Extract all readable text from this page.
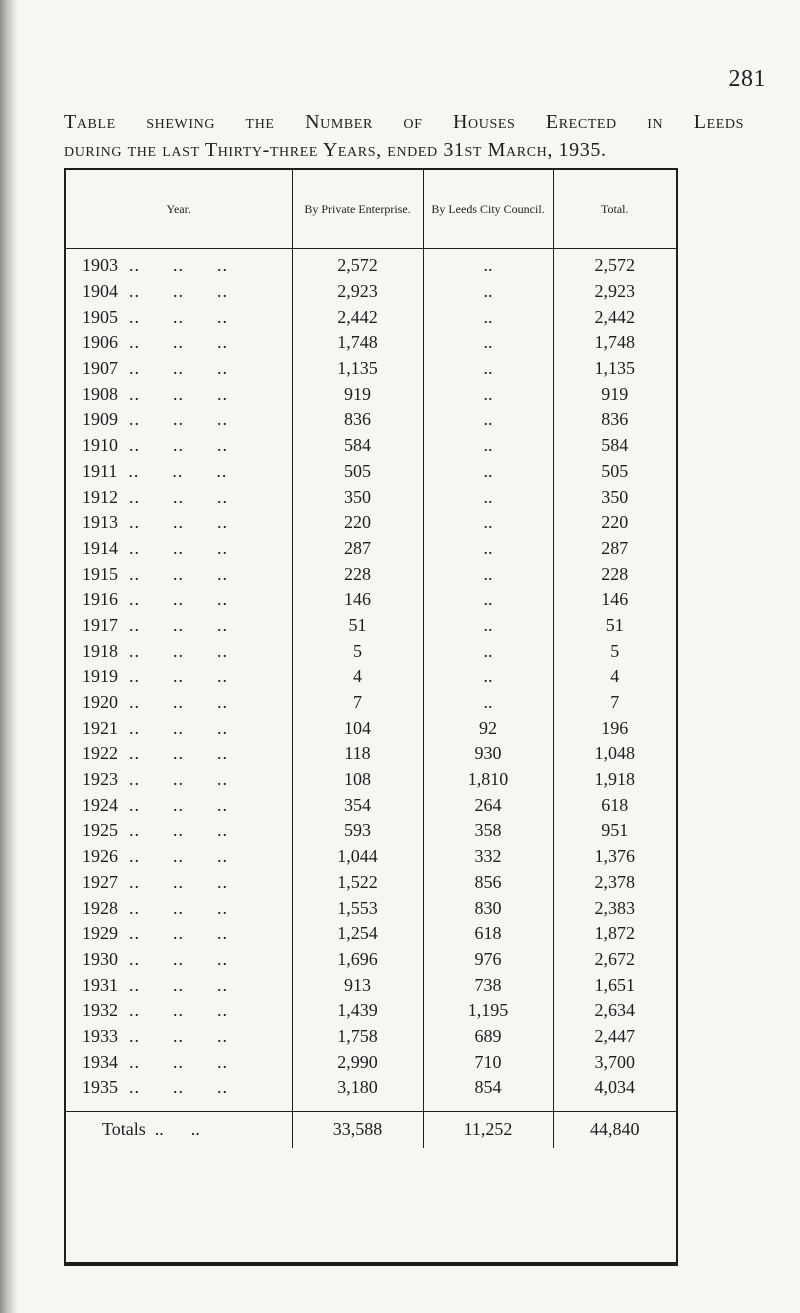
281
Table shewing the Number of Houses Erected in Leeds
during the last Thirty-three Years, ended 31st March, 1935.
Year.	By Private Enterprise.	By Leeds City Council.	Total.
1903  ..      ..      ..	2,572	..	2,572
1904  ..      ..      ..	2,923	..	2,923
1905  ..      ..      ..	2,442	..	2,442
1906  ..      ..      ..	1,748	..	1,748
1907  ..      ..      ..	1,135	..	1,135
1908  ..      ..      ..	919	..	919
1909  ..      ..      ..	836	..	836
1910  ..      ..      ..	584	..	584
1911  ..      ..      ..	505	..	505
1912  ..      ..      ..	350	..	350
1913  ..      ..      ..	220	..	220
1914  ..      ..      ..	287	..	287
1915  ..      ..      ..	228	..	228
1916  ..      ..      ..	146	..	146
1917  ..      ..      ..	51	..	51
1918  ..      ..      ..	5	..	5
1919  ..      ..      ..	4	..	4
1920  ..      ..      ..	7	..	7
1921  ..      ..      ..	104	92	196
1922  ..      ..      ..	118	930	1,048
1923  ..      ..      ..	108	1,810	1,918
1924  ..      ..      ..	354	264	618
1925  ..      ..      ..	593	358	951
1926  ..      ..      ..	1,044	332	1,376
1927  ..      ..      ..	1,522	856	2,378
1928  ..      ..      ..	1,553	830	2,383
1929  ..      ..      ..	1,254	618	1,872
1930  ..      ..      ..	1,696	976	2,672
1931  ..      ..      ..	913	738	1,651
1932  ..      ..      ..	1,439	1,195	2,634
1933  ..      ..      ..	1,758	689	2,447
1934  ..      ..      ..	2,990	710	3,700
1935  ..      ..      ..	3,180	854	4,034

Totals  ..      ..	33,588	11,252	44,840
